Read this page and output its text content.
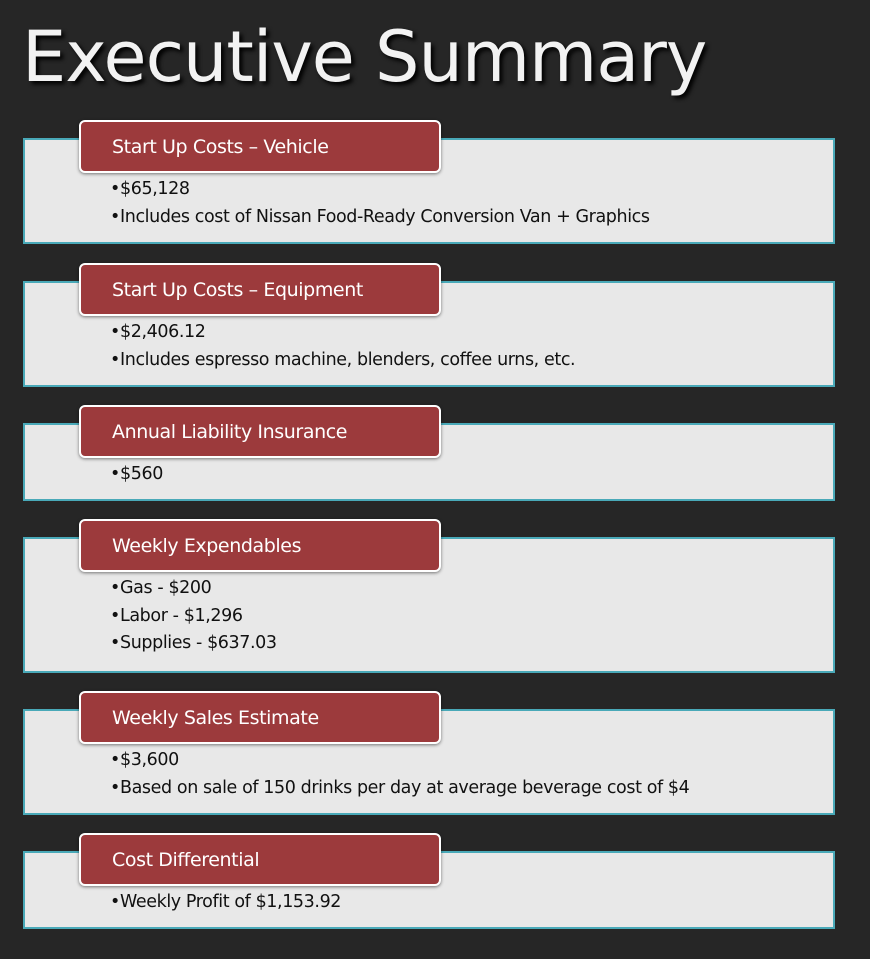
Executive Summary
Start Up Costs – Vehicle
•$65,128
•Includes cost of Nissan Food-Ready Conversion Van + Graphics
Start Up Costs – Equipment
•$2,406.12
•Includes espresso machine, blenders, coffee urns, etc.
Annual Liability Insurance
•$560
Weekly Expendables
•Gas - $200
•Labor - $1,296
•Supplies - $637.03
Weekly Sales Estimate
•$3,600
•Based on sale of 150 drinks per day at average beverage cost of $4
Cost Differential
•Weekly Profit of $1,153.92
